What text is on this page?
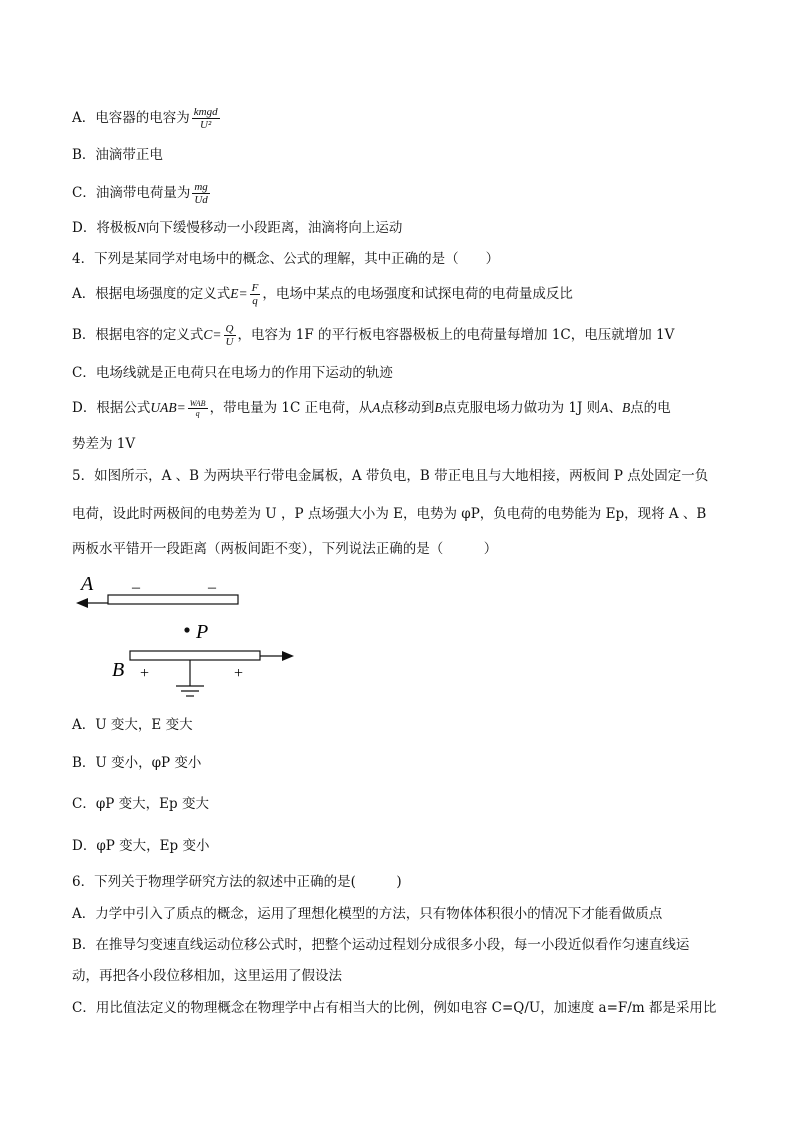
A．电容器的电容为 $\frac{\text{kmgd}}{\text{U²}}$
B．油滴带正电
C．油滴带电荷量为 $\frac{mg}{Ud}$
D．将极板N向下缓慢移动一小段距离，油滴将向上运动
4．下列是某同学对电场中的概念、公式的理解，其中正确的是（　　）
A．根据电场强度的定义式$E= \frac{F}{q}$ ，电场中某点的电场强度和试探电荷的电荷量成反比
B．根据电容的定义式$C= \frac{Q}{U}$ ，电容为 1F 的平行板电容器极板上的电荷量每增加 1C，电压就增加 1V
C．电场线就是正电荷只在电场力的作用下运动的轨迹
D．根据公式$UAB= \frac{\text{WAB}}{q}$ ，带电量为 1C 正电荷，从A点移动到B点克服电场力做功为 1J 则A、B点的电
势差为 1V
5．如图所示，A 、B 为两块平行带电金属板，A 带负电，B 带正电且与大地相接，两板间 P 点处固定一负
电荷，设此时两极间的电势差为 U ，P 点场强大小为 E，电势为 φP，负电荷的电势能为 Ep，现将 A 、B
两板水平错开一段距离（两板间距不变），下列说法正确的是（　　　）
A –	–
P
B +	+
A．U 变大，E 变大
B．U 变小，φP 变小
C．φP 变大，Ep 变大
D．φP 变大，Ep 变小
6．下列关于物理学研究方法的叙述中正确的是(　　　)
A．力学中引入了质点的概念，运用了理想化模型的方法，只有物体体积很小的情况下才能看做质点
B．在推导匀变速直线运动位移公式时，把整个运动过程划分成很多小段，每一小段近似看作匀速直线运
动，再把各小段位移相加，这里运用了假设法
C．用比值法定义的物理概念在物理学中占有相当大的比例，例如电容 C=Q/U，加速度 a=F/m 都是采用比
